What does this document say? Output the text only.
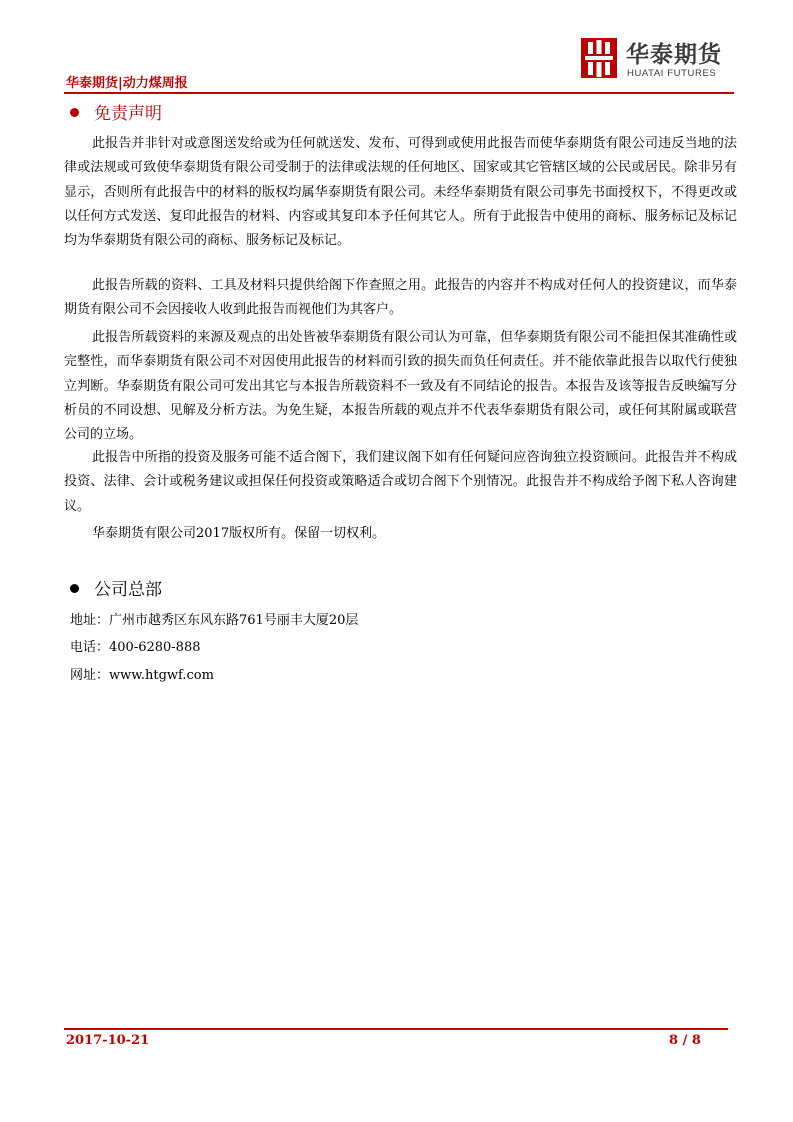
华泰期货
HUATAI FUTURES
华泰期货|动力煤周报
免责声明

此报告并非针对或意图送发给或为任何就送发、发布、可得到或使用此报告而使华泰期货有限公司违反当地的法律或法规或可致使华泰期货有限公司受制于的法律或法规的任何地区、国家或其它管辖区域的公民或居民。除非另有显示，否则所有此报告中的材料的版权均属华泰期货有限公司。未经华泰期货有限公司事先书面授权下，不得更改或以任何方式发送、复印此报告的材料、内容或其复印本予任何其它人。所有于此报告中使用的商标、服务标记及标记均为华泰期货有限公司的商标、服务标记及标记。

此报告所载的资料、工具及材料只提供给阁下作查照之用。此报告的内容并不构成对任何人的投资建议，而华泰期货有限公司不会因接收人收到此报告而视他们为其客户。

此报告所载资料的来源及观点的出处皆被华泰期货有限公司认为可靠，但华泰期货有限公司不能担保其准确性或完整性，而华泰期货有限公司不对因使用此报告的材料而引致的损失而负任何责任。并不能依靠此报告以取代行使独立判断。华泰期货有限公司可发出其它与本报告所载资料不一致及有不同结论的报告。本报告及该等报告反映编写分析员的不同设想、见解及分析方法。为免生疑，本报告所载的观点并不代表华泰期货有限公司，或任何其附属或联营公司的立场。

此报告中所指的投资及服务可能不适合阁下，我们建议阁下如有任何疑问应咨询独立投资顾问。此报告并不构成投资、法律、会计或税务建议或担保任何投资或策略适合或切合阁下个别情况。此报告并不构成给予阁下私人咨询建议。

华泰期货有限公司2017版权所有。保留一切权利。

公司总部
地址：广州市越秀区东风东路761号丽丰大厦20层
电话：400-6280-888
网址：www.htgwf.com
2017-10-21	8 / 8
